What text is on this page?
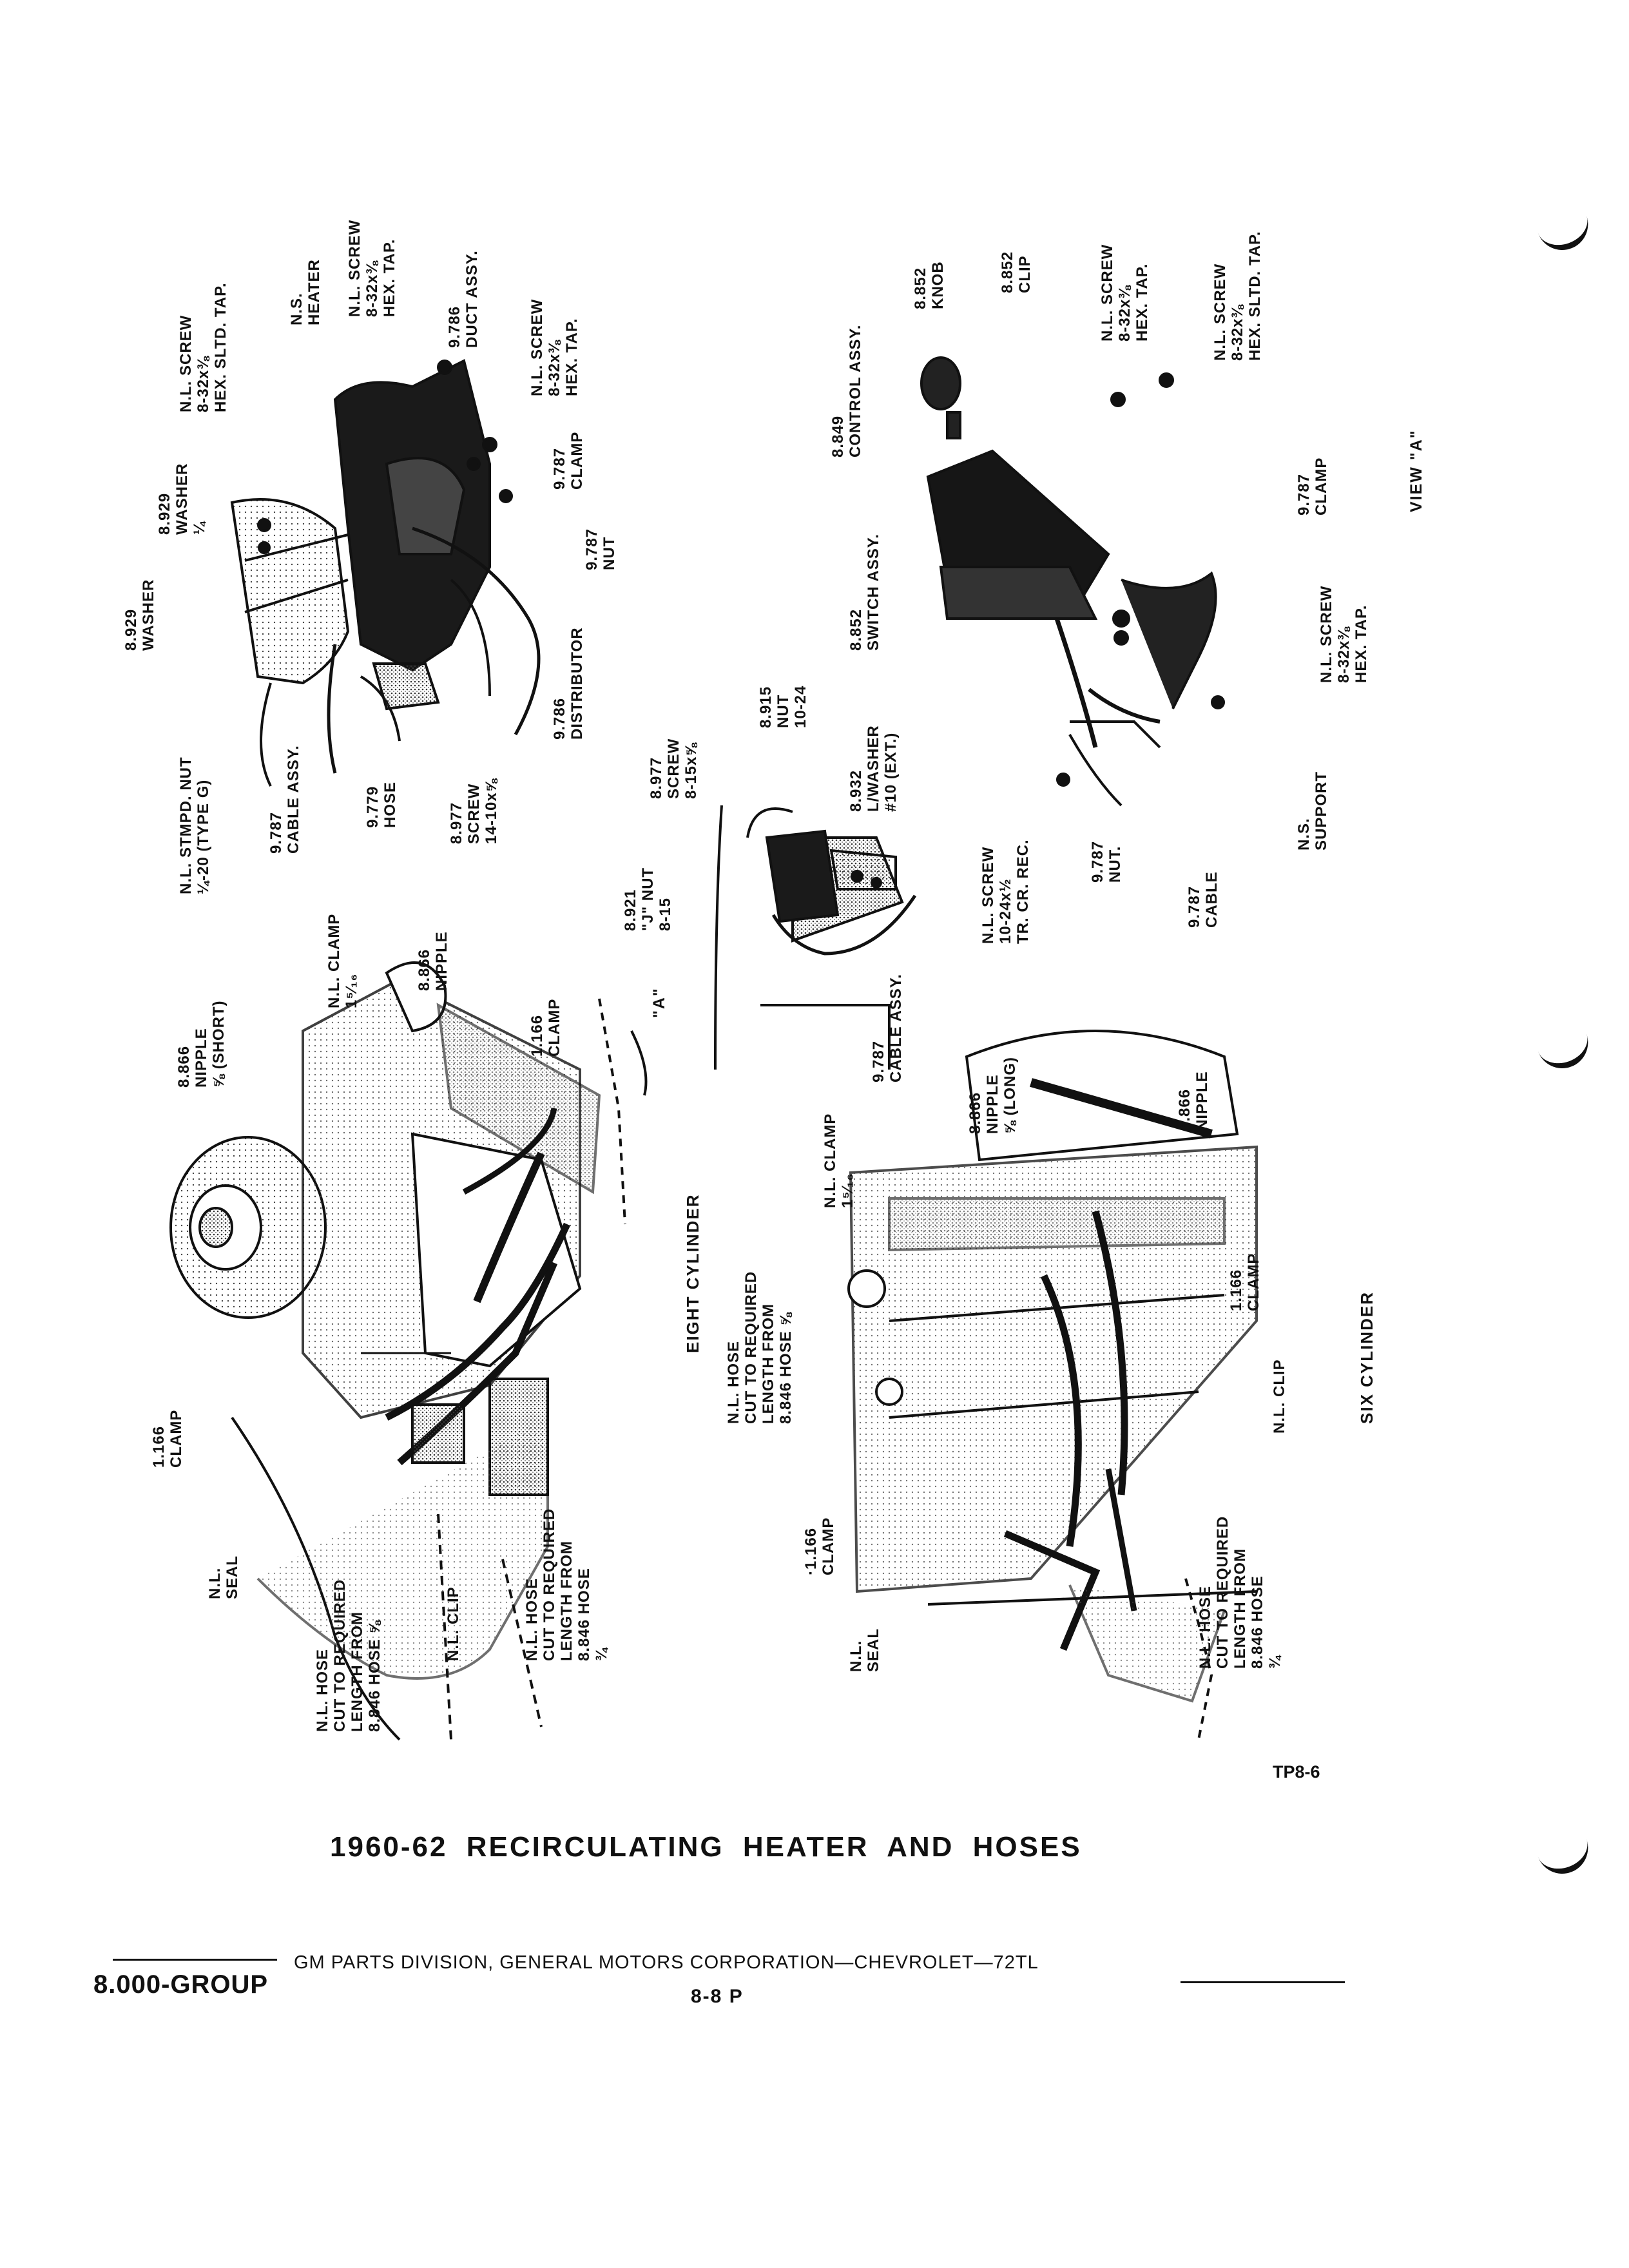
EIGHT CYLINDER
1.166
CLAMP
8.866
NIPPLE
⅝ (SHORT)
N.L. CLAMP
1⁵⁄₁₆	8.866
NIPPLE
1.166
CLAMP
N.L.
SEAL
N.L. HOSE
CUT TO REQUIRED
LENGTH FROM
8.846 HOSE ⅝	N.L. CLIP	N.L. HOSE
CUT TO REQUIRED
LENGTH FROM
8.846 HOSE
¾
8.929
WASHER
8.929
WASHER
¼
N.L. SCREW
8-32x⅜
HEX. SLTD. TAP.	N.S.
HEATER N.L. SCREW
8-32x⅜
HEX. TAP.
9.786
DUCT ASSY.	N.L. SCREW
8-32x⅜
HEX. TAP.
N.L. STMPD. NUT
¼-20 (TYPE G)	9.787
CABLE ASSY.	9.779
HOSE	8.977
SCREW
14-10x⅝
9.786
DISTRIBUTOR
9.787
NUT
9.787
CLAMP
8.921
"J" NUT
8-15
8.977
SCREW
8-15x⅝
8.915
NUT
10-24
8.932
L/WASHER
#10 (EXT.)
N.L. SCREW
10-24x½
TR. CR. REC.
"A"
9.787
CABLE ASSY.
VIEW "A"
8.849
CONTROL ASSY.
8.852
KNOB	8.852
CLIP
8.852
SWITCH ASSY.
N.L. SCREW
8-32x⅜
HEX. TAP.	N.L. SCREW
8-32x⅜
HEX. SLTD. TAP.
9.787
CLAMP
N.L. SCREW
8-32x⅜
HEX. TAP.
N.S.
SUPPORT
9.787
NUT.
9.787
CABLE
SIX CYLINDER
N.L. CLAMP
1⁵⁄₁₆
8.866
NIPPLE
⅝ (LONG)	8.866
NIPPLE
N.L. HOSE
CUT TO REQUIRED
LENGTH FROM
8.846 HOSE ⅝
1.166
CLAMP
N.L. CLIP
·1.166
CLAMP
N.L.
SEAL	N.L. HOSE
CUT TO REQUIRED
LENGTH FROM
8.846 HOSE
¾
TP8-6
1960-62 RECIRCULATING HEATER AND HOSES
GM PARTS DIVISION, GENERAL MOTORS CORPORATION—CHEVROLET—72TL
8.000-GROUP	8-8 P
